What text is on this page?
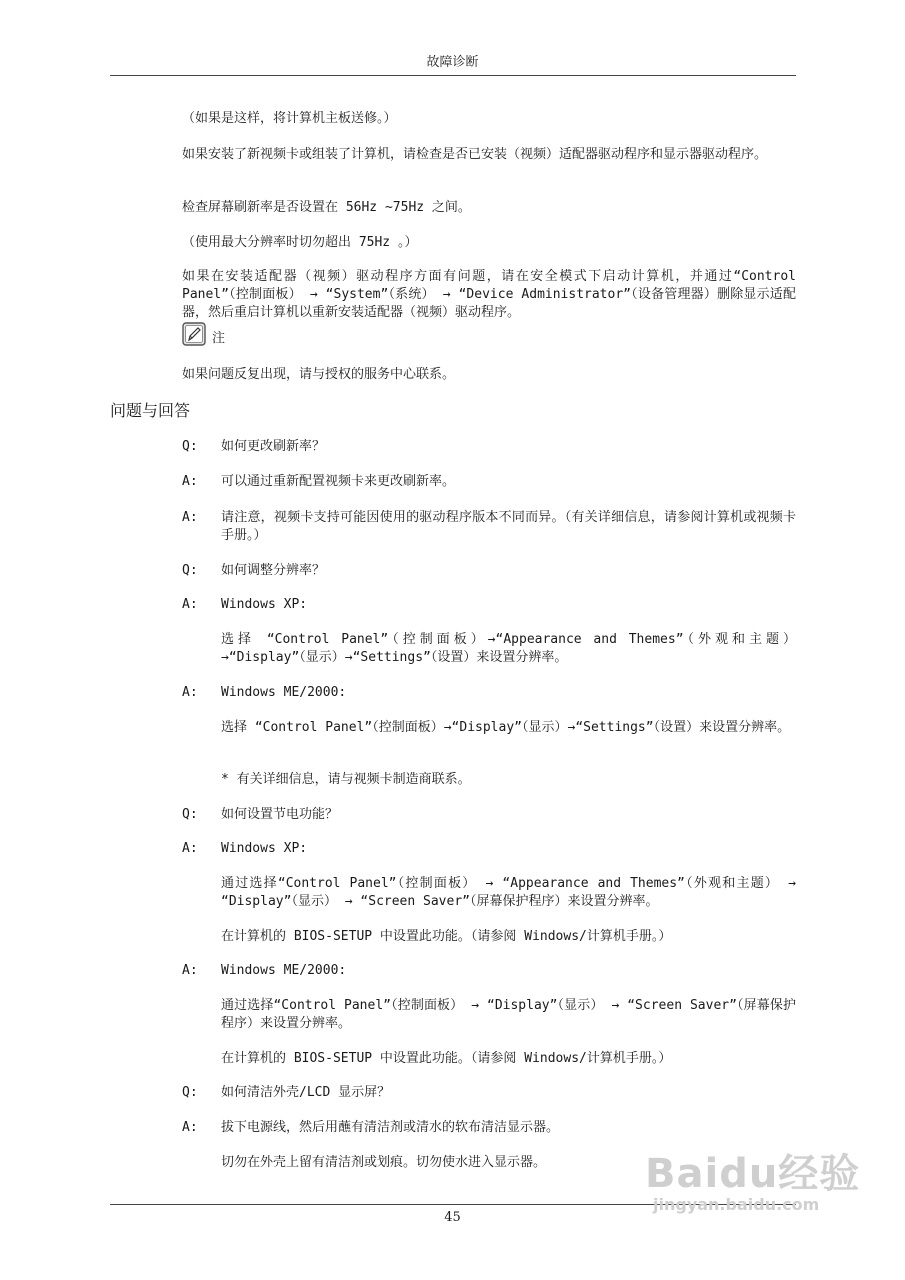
故障诊断
（如果是这样，将计算机主板送修。）
如果安装了新视频卡或组装了计算机，请检查是否已安装（视频）适配器驱动程序和显示器驱动程序。
检查屏幕刷新率是否设置在 56Hz ~75Hz 之间。
（使用最大分辨率时切勿超出 75Hz 。）
如果在安装适配器（视频）驱动程序方面有问题，请在安全模式下启动计算机，并通过“Control Panel”（控制面板） → “System”（系统） → “Device Administrator”（设备管理器）删除显示适配器，然后重启计算机以重新安装适配器（视频）驱动程序。
注
如果问题反复出现，请与授权的服务中心联系。
问题与回答
Q: 如何更改刷新率？
A: 可以通过重新配置视频卡来更改刷新率。
A: 请注意，视频卡支持可能因使用的驱动程序版本不同而异。（有关详细信息，请参阅计算机或视频卡手册。）
Q: 如何调整分辨率？
A: Windows XP:
选择 “Control Panel”（控制面板）→“Appearance and Themes”（外观和主题）→“Display”（显示）→“Settings”（设置）来设置分辨率。
A: Windows ME/2000:
选择 “Control Panel”（控制面板）→“Display”（显示）→“Settings”（设置）来设置分辨率。
* 有关详细信息，请与视频卡制造商联系。
Q: 如何设置节电功能？
A: Windows XP:
通过选择“Control Panel”（控制面板） → “Appearance and Themes”（外观和主题） → “Display”（显示） → “Screen Saver”（屏幕保护程序）来设置分辨率。
在计算机的 BIOS-SETUP 中设置此功能。（请参阅 Windows/计算机手册。）
A: Windows ME/2000:
通过选择“Control Panel”（控制面板） → “Display”（显示） → “Screen Saver”（屏幕保护程序）来设置分辨率。
在计算机的 BIOS-SETUP 中设置此功能。（请参阅 Windows/计算机手册。）
Q: 如何清洁外壳/LCD 显示屏？
A: 拔下电源线，然后用蘸有清洁剂或清水的软布清洁显示器。
切勿在外壳上留有清洁剂或划痕。切勿使水进入显示器。
45
Baidu经验
jingyan.baidu.com
